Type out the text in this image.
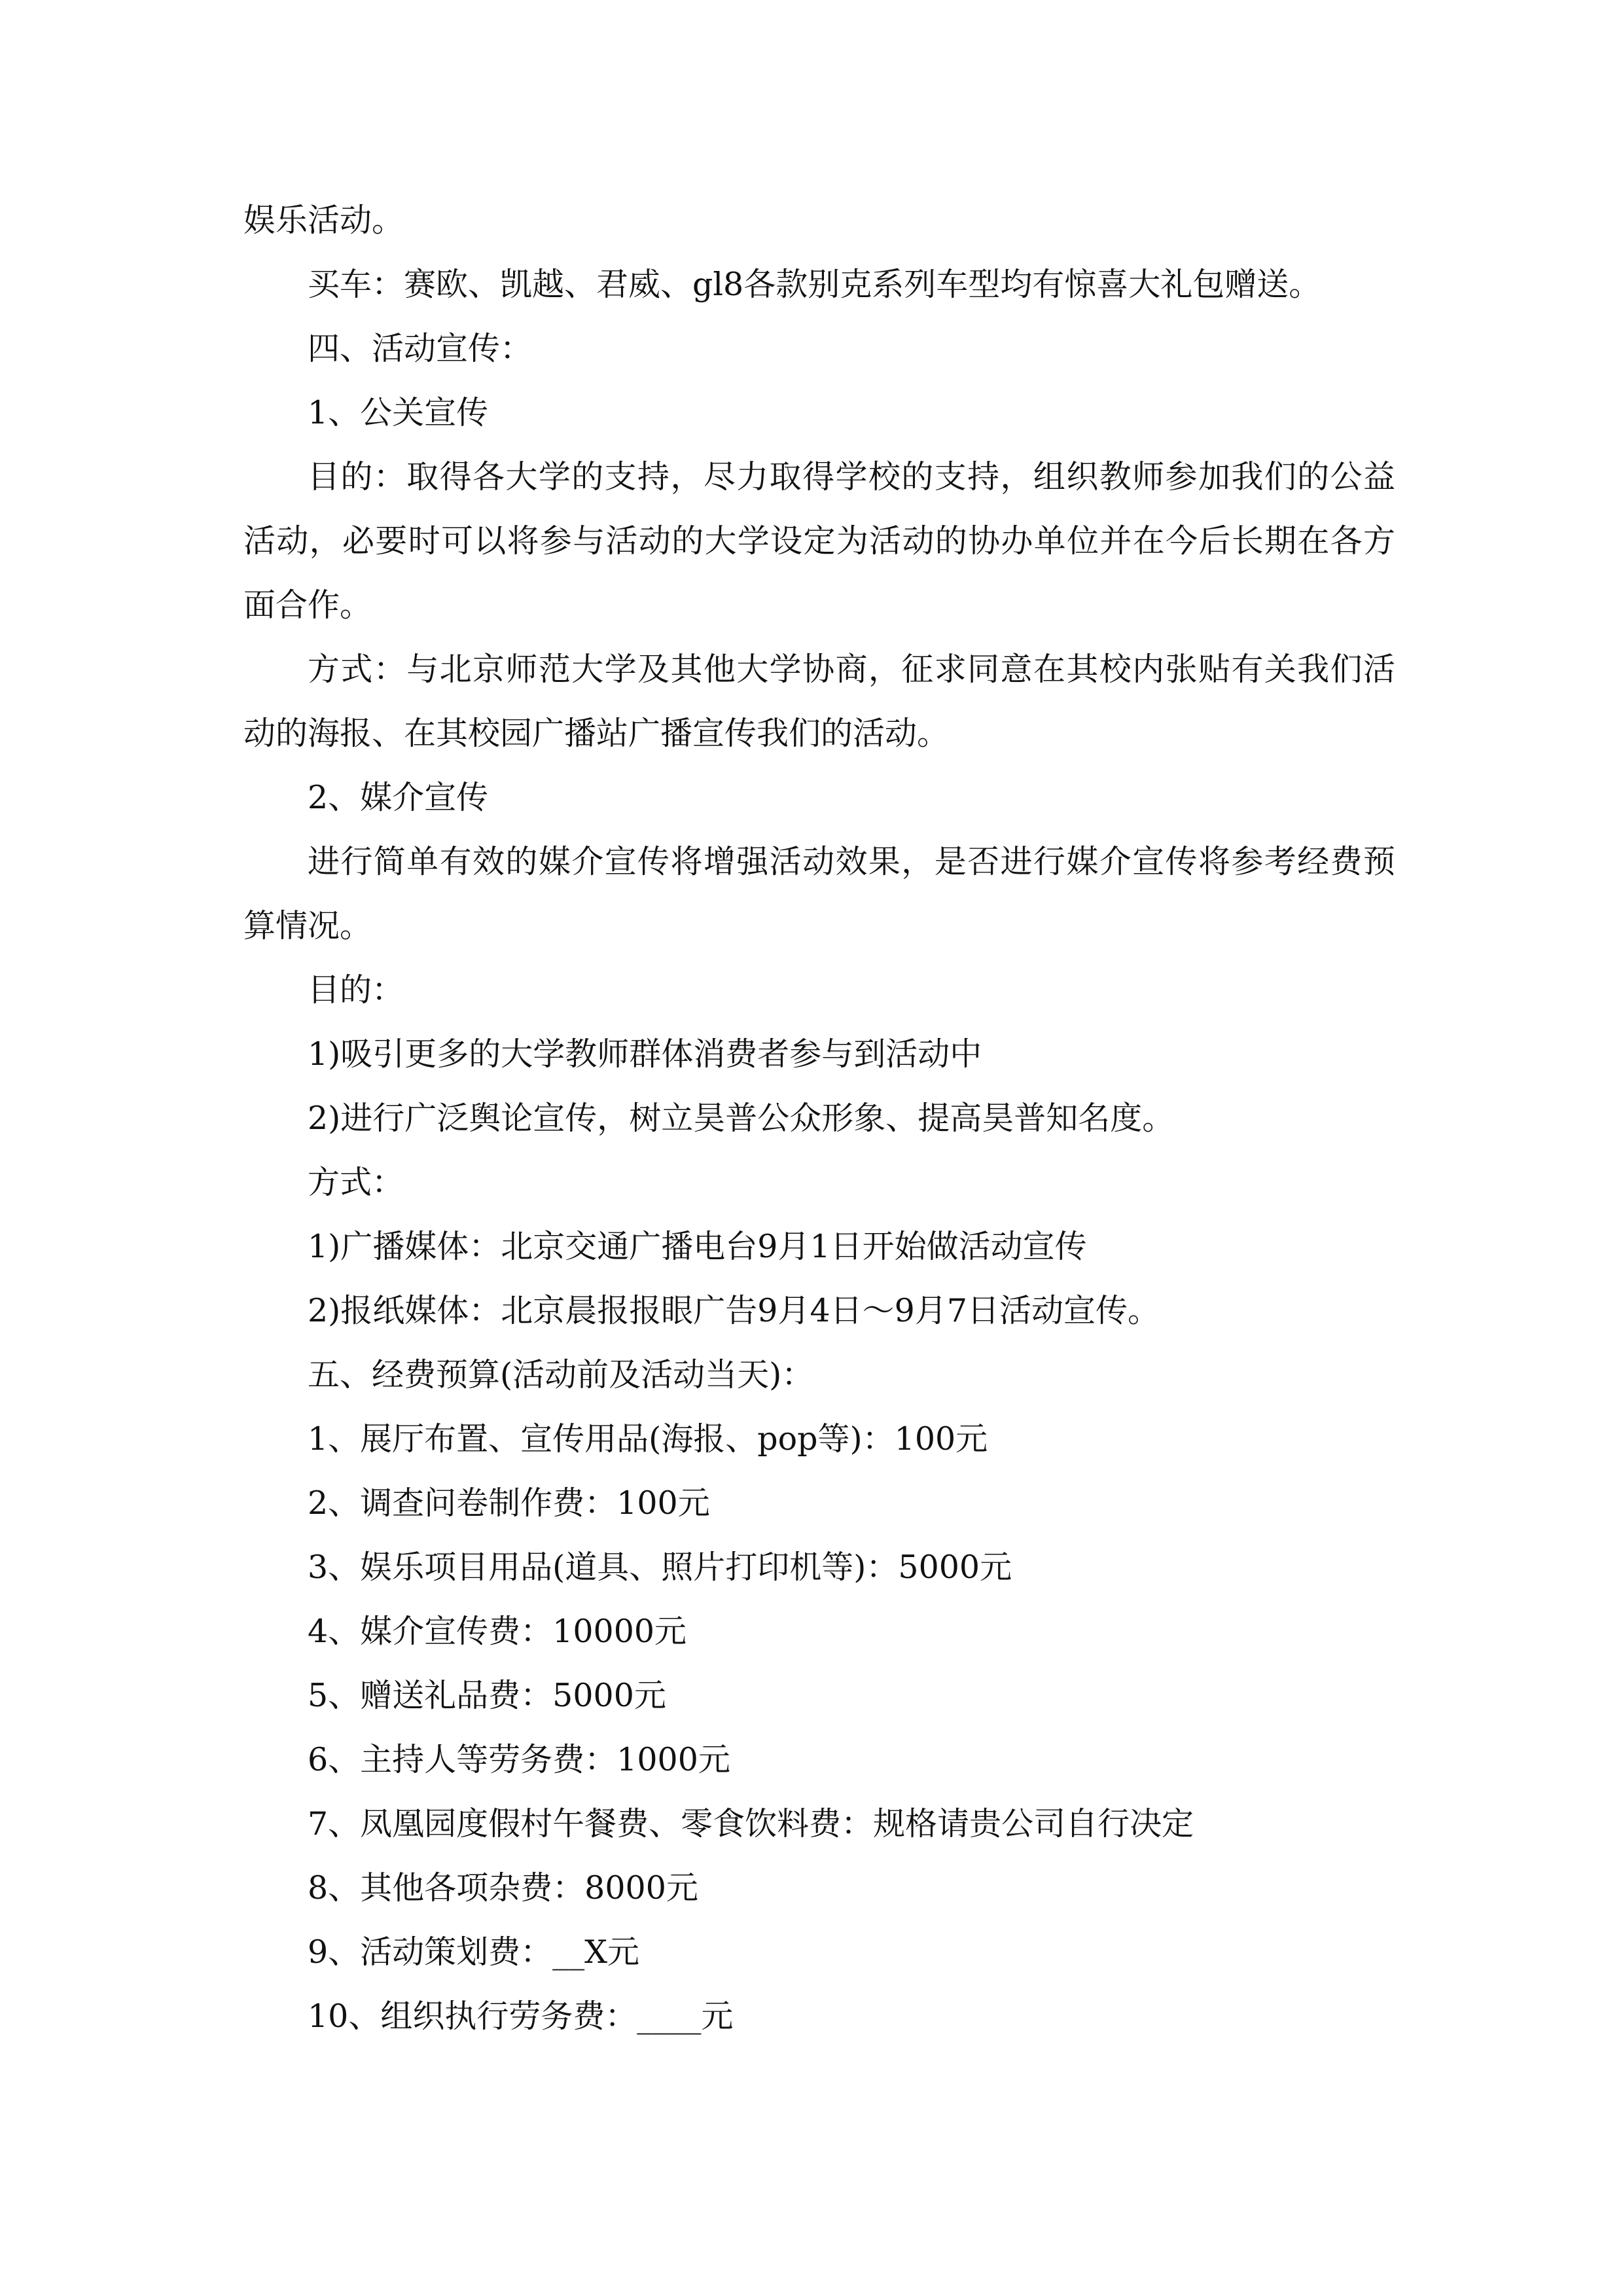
娱乐活动。

买车：赛欧、凯越、君威、gl8各款别克系列车型均有惊喜大礼包赠送。

四、活动宣传：

1、公关宣传

目的：取得各大学的支持，尽力取得学校的支持，组织教师参加我们的公益活动，必要时可以将参与活动的大学设定为活动的协办单位并在今后长期在各方面合作。

方式：与北京师范大学及其他大学协商，征求同意在其校内张贴有关我们活动的海报、在其校园广播站广播宣传我们的活动。

2、媒介宣传

进行简单有效的媒介宣传将增强活动效果，是否进行媒介宣传将参考经费预算情况。

目的：

1)吸引更多的大学教师群体消费者参与到活动中

2)进行广泛舆论宣传，树立昊普公众形象、提高昊普知名度。

方式：

1)广播媒体：北京交通广播电台9月1日开始做活动宣传

2)报纸媒体：北京晨报报眼广告9月4日～9月7日活动宣传。

五、经费预算(活动前及活动当天)：

1、展厅布置、宣传用品(海报、pop等)：100元

2、调查问卷制作费：100元

3、娱乐项目用品(道具、照片打印机等)：5000元

4、媒介宣传费：10000元

5、赠送礼品费：5000元

6、主持人等劳务费：1000元

7、凤凰园度假村午餐费、零食饮料费：规格请贵公司自行决定

8、其他各项杂费：8000元

9、活动策划费：__X元

10、组织执行劳务费：____元
